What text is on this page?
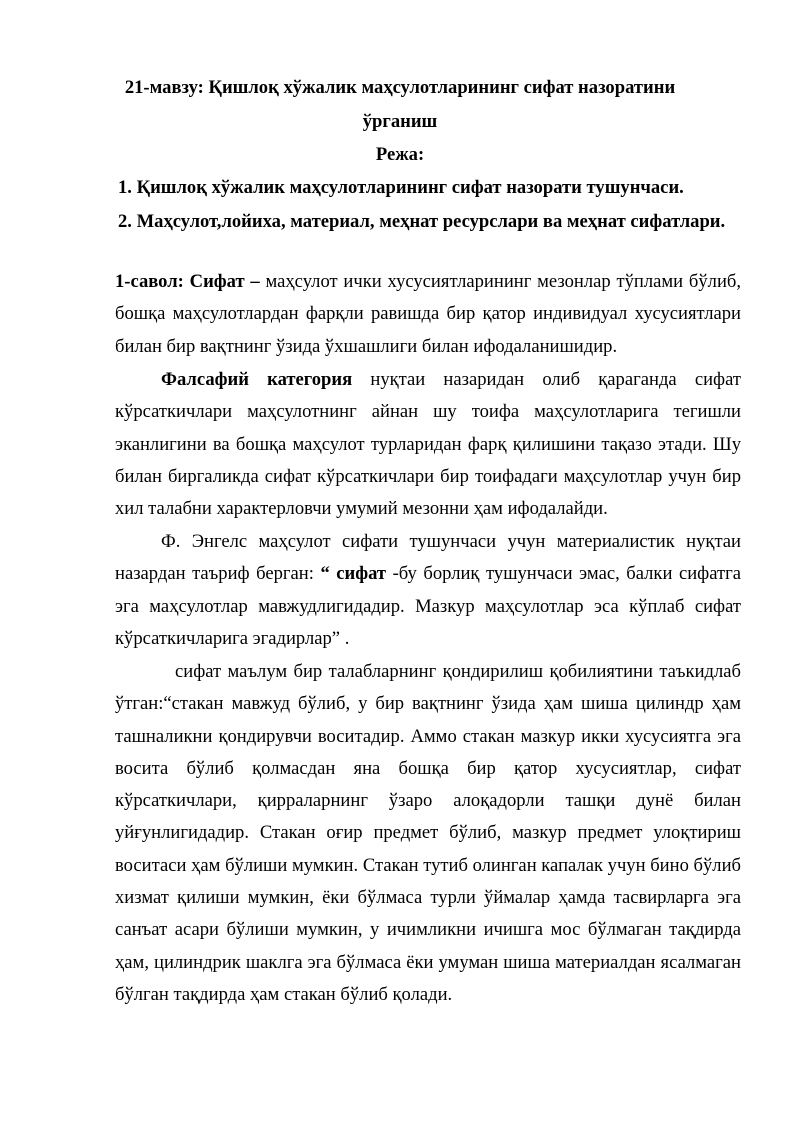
21-мавзу: Қишлоқ хўжалик маҳсулотларининг сифат назоратини
ўрганиш
Режа:
1. Қишлоқ хўжалик маҳсулотларининг сифат назорати тушунчаси.
2. Маҳсулот,лойиха, материал, меҳнат ресурслари ва меҳнат сифатлари.
1-савол: Сифат – маҳсулот ички хусусиятларининг мезонлар тўплами бўлиб, бошқа маҳсулотлардан фарқли равишда бир қатор индивидуал хусусиятлари билан бир вақтнинг ўзида ўхшашлиги билан ифодаланишидир.
Фалсафий категория нуқтаи назаридан олиб қараганда сифат кўрсаткичлари маҳсулотнинг айнан шу тоифа маҳсулотларига тегишли эканлигини ва бошқа маҳсулот турларидан фарқ қилишини тақазо этади. Шу билан биргаликда сифат кўрсаткичлари бир тоифадаги маҳсулотлар учун бир хил талабни характерловчи умумий мезонни ҳам ифодалайди.
Ф. Энгелс маҳсулот сифати тушунчаси учун материалистик нуқтаи назардан таъриф берган: “ сифат -бу борлиқ тушунчаси эмас, балки сифатга эга маҳсулотлар мавжудлигидадир. Мазкур маҳсулотлар эса кўплаб сифат кўрсаткичларига эгадирлар” .
сифат маълум бир талабларнинг қондирилиш қобилиятини таъкидлаб ўтган:“стакан мавжуд бўлиб, у бир вақтнинг ўзида ҳам шиша цилиндр ҳам ташналикни қондирувчи воситадир. Аммо стакан мазкур икки хусусиятга эга восита бўлиб қолмасдан яна бошқа бир қатор хусусиятлар, сифат кўрсаткичлари, қирраларнинг ўзаро алоқадорли ташқи дунё билан уйғунлигидадир. Стакан оғир предмет бўлиб, мазкур предмет улоқтириш воситаси ҳам бўлиши мумкин. Стакан тутиб олинган капалак учун бино бўлиб хизмат қилиши мумкин, ёки бўлмаса турли ўймалар ҳамда тасвирларга эга санъат асари бўлиши мумкин, у ичимликни ичишга мос бўлмаган тақдирда ҳам, цилиндрик шаклга эга бўлмаса ёки умуман шиша материалдан ясалмаган бўлган тақдирда ҳам стакан бўлиб қолади.
